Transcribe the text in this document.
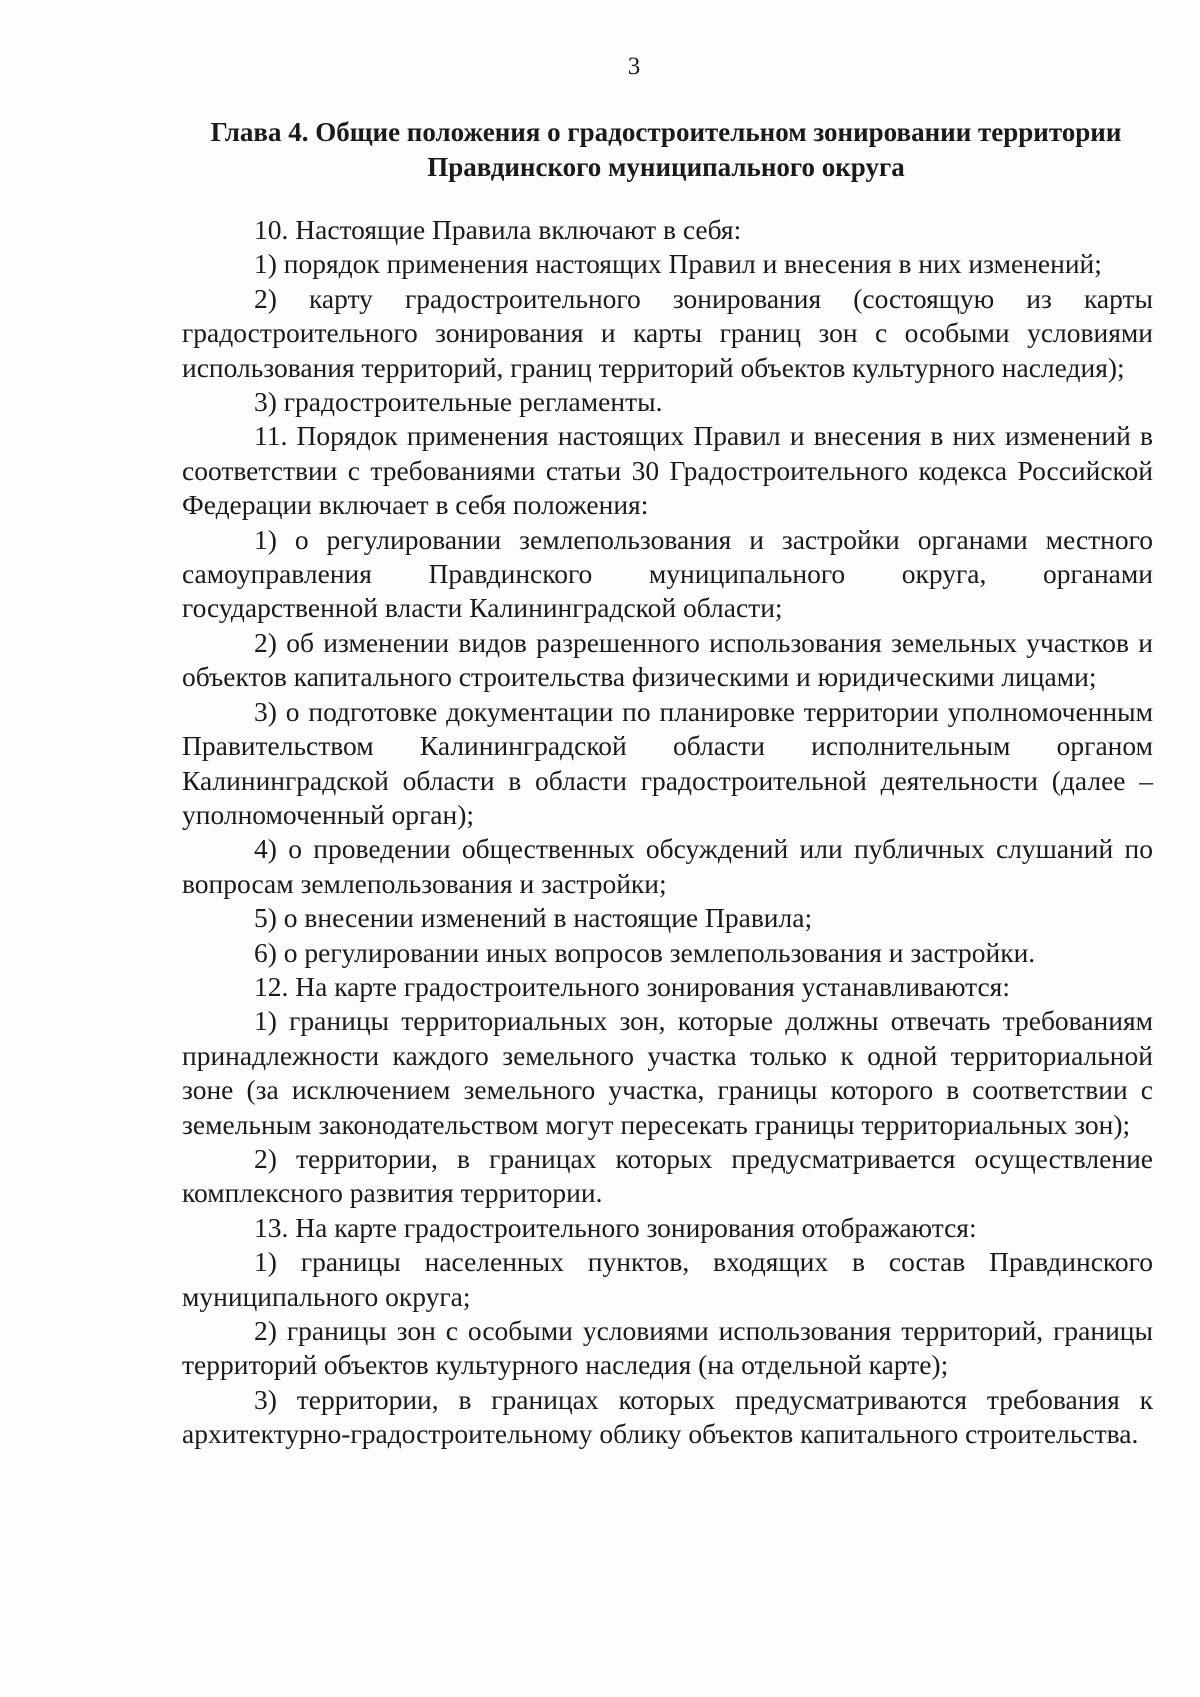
3
Глава 4. Общие положения о градостроительном зонировании территории
Правдинского муниципального округа

10. Настоящие Правила включают в себя:

1) порядок применения настоящих Правил и внесения в них изменений;

2) карту градостроительного зонирования (состоящую из карты градостроительного зонирования и карты границ зон с особыми условиями использования территорий, границ территорий объектов культурного наследия);

3) градостроительные регламенты.

11. Порядок применения настоящих Правил и внесения в них изменений в соответствии с требованиями статьи 30 Градостроительного кодекса Российской Федерации включает в себя положения:

1) о регулировании землепользования и застройки органами местного самоуправления Правдинского муниципального округа, органами государственной власти Калининградской области;

2) об изменении видов разрешенного использования земельных участков и объектов капитального строительства физическими и юридическими лицами;

3) о подготовке документации по планировке территории уполномоченным Правительством Калининградской области исполнительным органом Калининградской области в области градостроительной деятельности (далее – уполномоченный орган);

4) о проведении общественных обсуждений или публичных слушаний по вопросам землепользования и застройки;

5) о внесении изменений в настоящие Правила;

6) о регулировании иных вопросов землепользования и застройки.

12. На карте градостроительного зонирования устанавливаются:

1) границы территориальных зон, которые должны отвечать требованиям принадлежности каждого земельного участка только к одной территориальной зоне (за исключением земельного участка, границы которого в соответствии с земельным законодательством могут пересекать границы территориальных зон);

2) территории, в границах которых предусматривается осуществление комплексного развития территории.

13. На карте градостроительного зонирования отображаются:

1) границы населенных пунктов, входящих в состав Правдинского муниципального округа;

2) границы зон с особыми условиями использования территорий, границы территорий объектов культурного наследия (на отдельной карте);

3) территории, в границах которых предусматриваются требования к архитектурно-градостроительному облику объектов капитального строительства.
